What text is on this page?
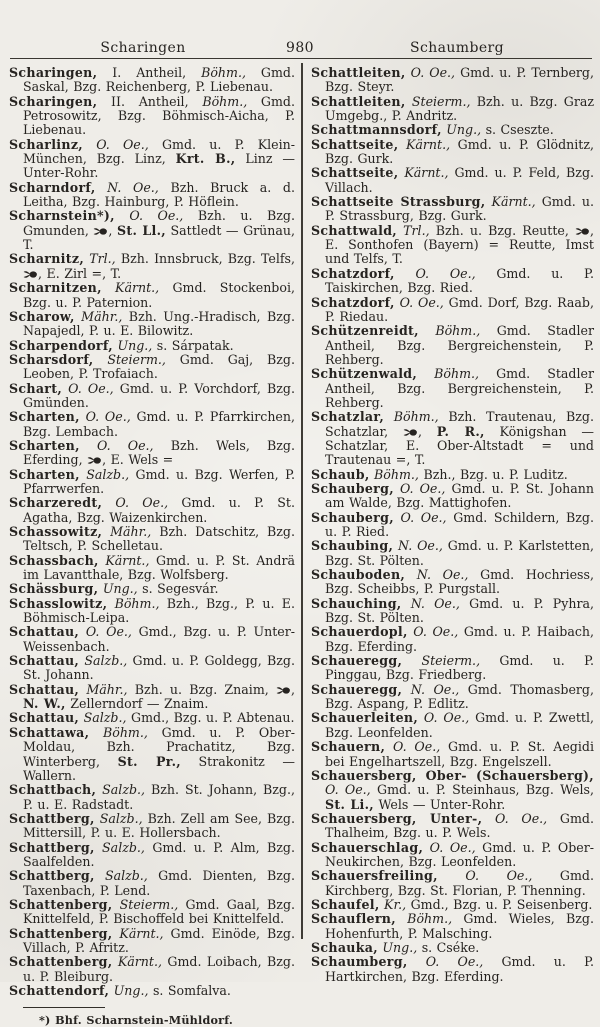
Scharingen	980	Schaumberg
Scharingen, I. Antheil, Böhm., Gmd. Saskal, Bzg. Reichenberg, P. Liebenau.
Scharingen, II. Antheil, Böhm., Gmd. Petrosowitz, Bzg. Böhmisch-Aicha, P. Liebenau.
Scharlinz, O. Oe., Gmd. u. P. Klein-München, Bzg. Linz, Krt. B., Linz — Unter-Rohr.
Scharndorf, N. Oe., Bzh. Bruck a. d. Leitha, Bzg. Hainburg, P. Höflein.
Scharnstein*), O. Oe., Bzh. u. Bzg. Gmunden, , St. Ll., Sattledt — Grünau, T.
Scharnitz, Trl., Bzh. Innsbruck, Bzg. Telfs, , E. Zirl =, T.
Scharnitzen, Kärnt., Gmd. Stockenboi, Bzg. u. P. Paternion.
Scharow, Mähr., Bzh. Ung.-Hradisch, Bzg. Napajedl, P. u. E. Bilowitz.
Scharpendorf, Ung., s. Sárpatak.
Scharsdorf, Steierm., Gmd. Gaj, Bzg. Leoben, P. Trofaiach.
Schart, O. Oe., Gmd. u. P. Vorchdorf, Bzg. Gmünden.
Scharten, O. Oe., Gmd. u. P. Pfarrkirchen, Bzg. Lembach.
Scharten, O. Oe., Bzh. Wels, Bzg. Eferding, , E. Wels =
Scharten, Salzb., Gmd. u. Bzg. Werfen, P. Pfarrwerfen.
Scharzeredt, O. Oe., Gmd. u. P. St. Agatha, Bzg. Waizenkirchen.
Schassowitz, Mähr., Bzh. Datschitz, Bzg. Teltsch, P. Schelletau.
Schassbach, Kärnt., Gmd. u. P. St. Andrä im Lavantthale, Bzg. Wolfsberg.
Schässburg, Ung., s. Segesvár.
Schasslowitz, Böhm., Bzh., Bzg., P. u. E. Böhmisch-Leipa.
Schattau, O. Oe., Gmd., Bzg. u. P. Unter-Weissenbach.
Schattau, Salzb., Gmd. u. P. Goldegg, Bzg. St. Johann.
Schattau, Mähr., Bzh. u. Bzg. Znaim, , N. W., Zellerndorf — Znaim.
Schattau, Salzb., Gmd., Bzg. u. P. Abtenau.
Schattawa, Böhm., Gmd. u. P. Ober-Moldau, Bzh. Prachatitz, Bzg. Winterberg, St. Pr., Strakonitz — Wallern.
Schattbach, Salzb., Bzh. St. Johann, Bzg., P. u. E. Radstadt.
Schattberg, Salzb., Bzh. Zell am See, Bzg. Mittersill, P. u. E. Hollersbach.
Schattberg, Salzb., Gmd. u. P. Alm, Bzg. Saalfelden.
Schattberg, Salzb., Gmd. Dienten, Bzg. Taxenbach, P. Lend.
Schattenberg, Steierm., Gmd. Gaal, Bzg. Knittelfeld, P. Bischoffeld bei Knittelfeld.
Schattenberg, Kärnt., Gmd. Einöde, Bzg. Villach, P. Afritz.
Schattenberg, Kärnt., Gmd. Loibach, Bzg. u. P. Bleiburg.
Schattendorf, Ung., s. Somfalva.
*) Bhf. Scharnstein-Mühldorf.
Schattleiten, O. Oe., Gmd. u. P. Ternberg, Bzg. Steyr.
Schattleiten, Steierm., Bzh. u. Bzg. Graz Umgebg., P. Andritz.
Schattmannsdorf, Ung., s. Cseszte.
Schattseite, Kärnt., Gmd. u. P. Glödnitz, Bzg. Gurk.
Schattseite, Kärnt., Gmd. u. P. Feld, Bzg. Villach.
Schattseite Strassburg, Kärnt., Gmd. u. P. Strassburg, Bzg. Gurk.
Schattwald, Trl., Bzh. u. Bzg. Reutte, , E. Sonthofen (Bayern) = Reutte, Imst und Telfs, T.
Schatzdorf, O. Oe., Gmd. u. P. Taiskirchen, Bzg. Ried.
Schatzdorf, O. Oe., Gmd. Dorf, Bzg. Raab, P. Riedau.
Schützenreidt, Böhm., Gmd. Stadler Antheil, Bzg. Bergreichenstein, P. Rehberg.
Schützenwald, Böhm., Gmd. Stadler Antheil, Bzg. Bergreichenstein, P. Rehberg.
Schatzlar, Böhm., Bzh. Trautenau, Bzg. Schatzlar, , P. R., Königshan — Schatzlar, E. Ober-Altstadt = und Trautenau =, T.
Schaub, Böhm., Bzh., Bzg. u. P. Luditz.
Schauberg, O. Oe., Gmd. u. P. St. Johann am Walde, Bzg. Mattighofen.
Schauberg, O. Oe., Gmd. Schildern, Bzg. u. P. Ried.
Schaubing, N. Oe., Gmd. u. P. Karlstetten, Bzg. St. Pölten.
Schauboden, N. Oe., Gmd. Hochriess, Bzg. Scheibbs, P. Purgstall.
Schauching, N. Oe., Gmd. u. P. Pyhra, Bzg. St. Pölten.
Schauerdopl, O. Oe., Gmd. u. P. Haibach, Bzg. Eferding.
Schaueregg, Steierm., Gmd. u. P. Pinggau, Bzg. Friedberg.
Schaueregg, N. Oe., Gmd. Thomasberg, Bzg. Aspang, P. Edlitz.
Schauerleiten, O. Oe., Gmd. u. P. Zwettl, Bzg. Leonfelden.
Schauern, O. Oe., Gmd. u. P. St. Aegidi bei Engelhartszell, Bzg. Engelszell.
Schauersberg, Ober- (Schauersberg), O. Oe., Gmd. u. P. Steinhaus, Bzg. Wels, St. Li., Wels — Unter-Rohr.
Schauersberg, Unter-, O. Oe., Gmd. Thalheim, Bzg. u. P. Wels.
Schauerschlag, O. Oe., Gmd. u. P. Ober-Neukirchen, Bzg. Leonfelden.
Schauersfreiling, O. Oe., Gmd. Kirchberg, Bzg. St. Florian, P. Thenning.
Schaufel, Kr., Gmd., Bzg. u. P. Seisenberg.
Schauflern, Böhm., Gmd. Wieles, Bzg. Hohenfurth, P. Malsching.
Schauka, Ung., s. Cséke.
Schaumberg, O. Oe., Gmd. u. P. Hartkirchen, Bzg. Eferding.
